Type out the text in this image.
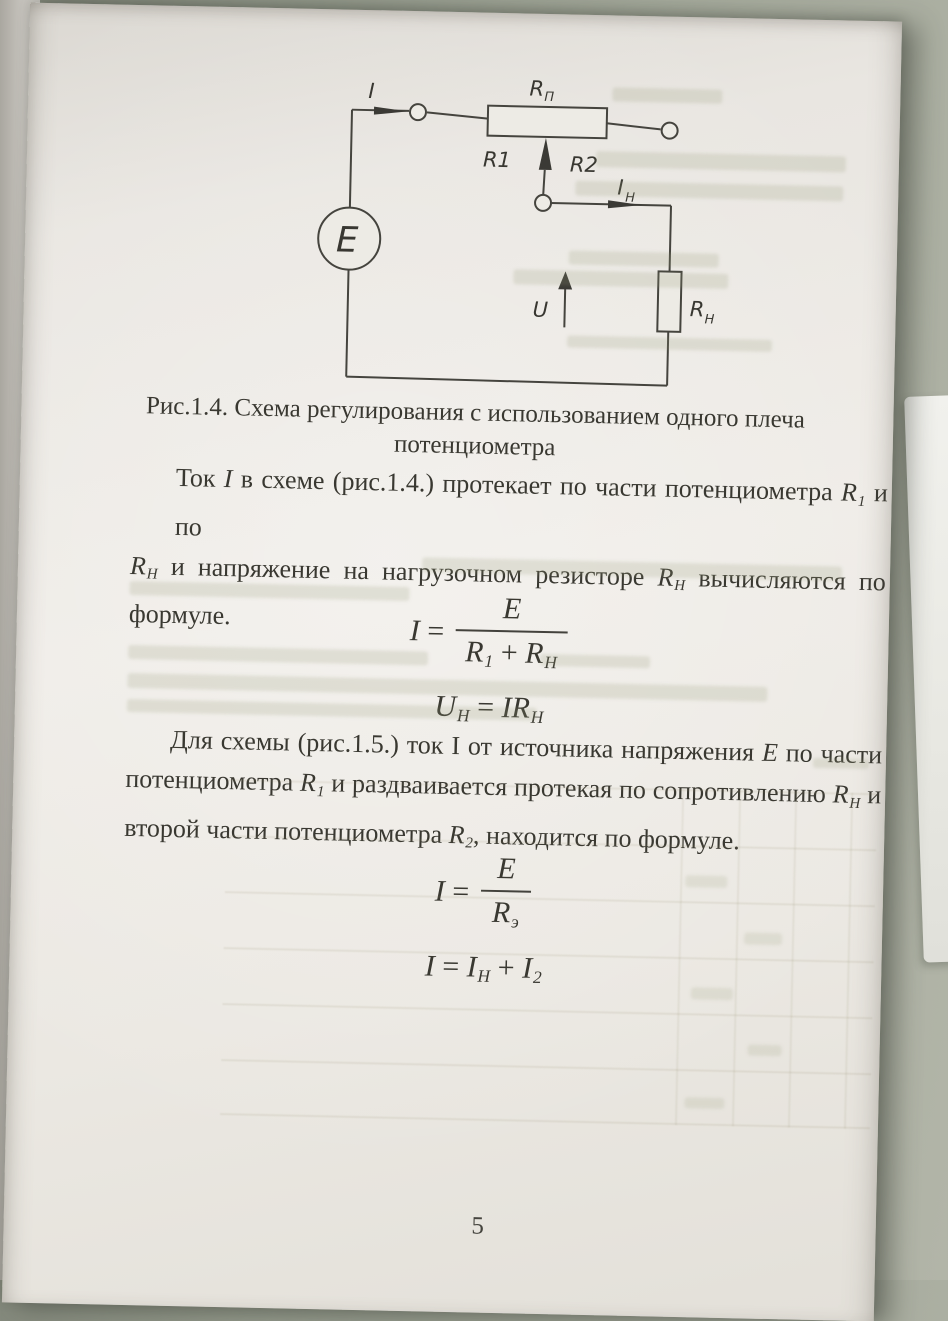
I	R П
R1	R2
I Н
U	R Н
E
Рис.1.4. Схема регулирования с использованием одного плеча
потенциометра
Ток I в схеме (рис.1.4.) протекает по части потенциометра $R_1$ и по
$R_Н$ и напряжение на нагрузочном резисторе $R_Н$ вычисляются по
формуле.	$I = \frac{E}{R_1 + R_Н}$
$U_Н = IR_Н$
Для схемы (рис.1.5.) ток I от источника напряжения E по части
потенциометра $R_1$ и раздваивается протекая по сопротивлению $R_Н$ и
второй части потенциометра $R_2$, находится по формуле.
$I = \frac{E}{R_э}$
$I = I_Н + I_2$
5
